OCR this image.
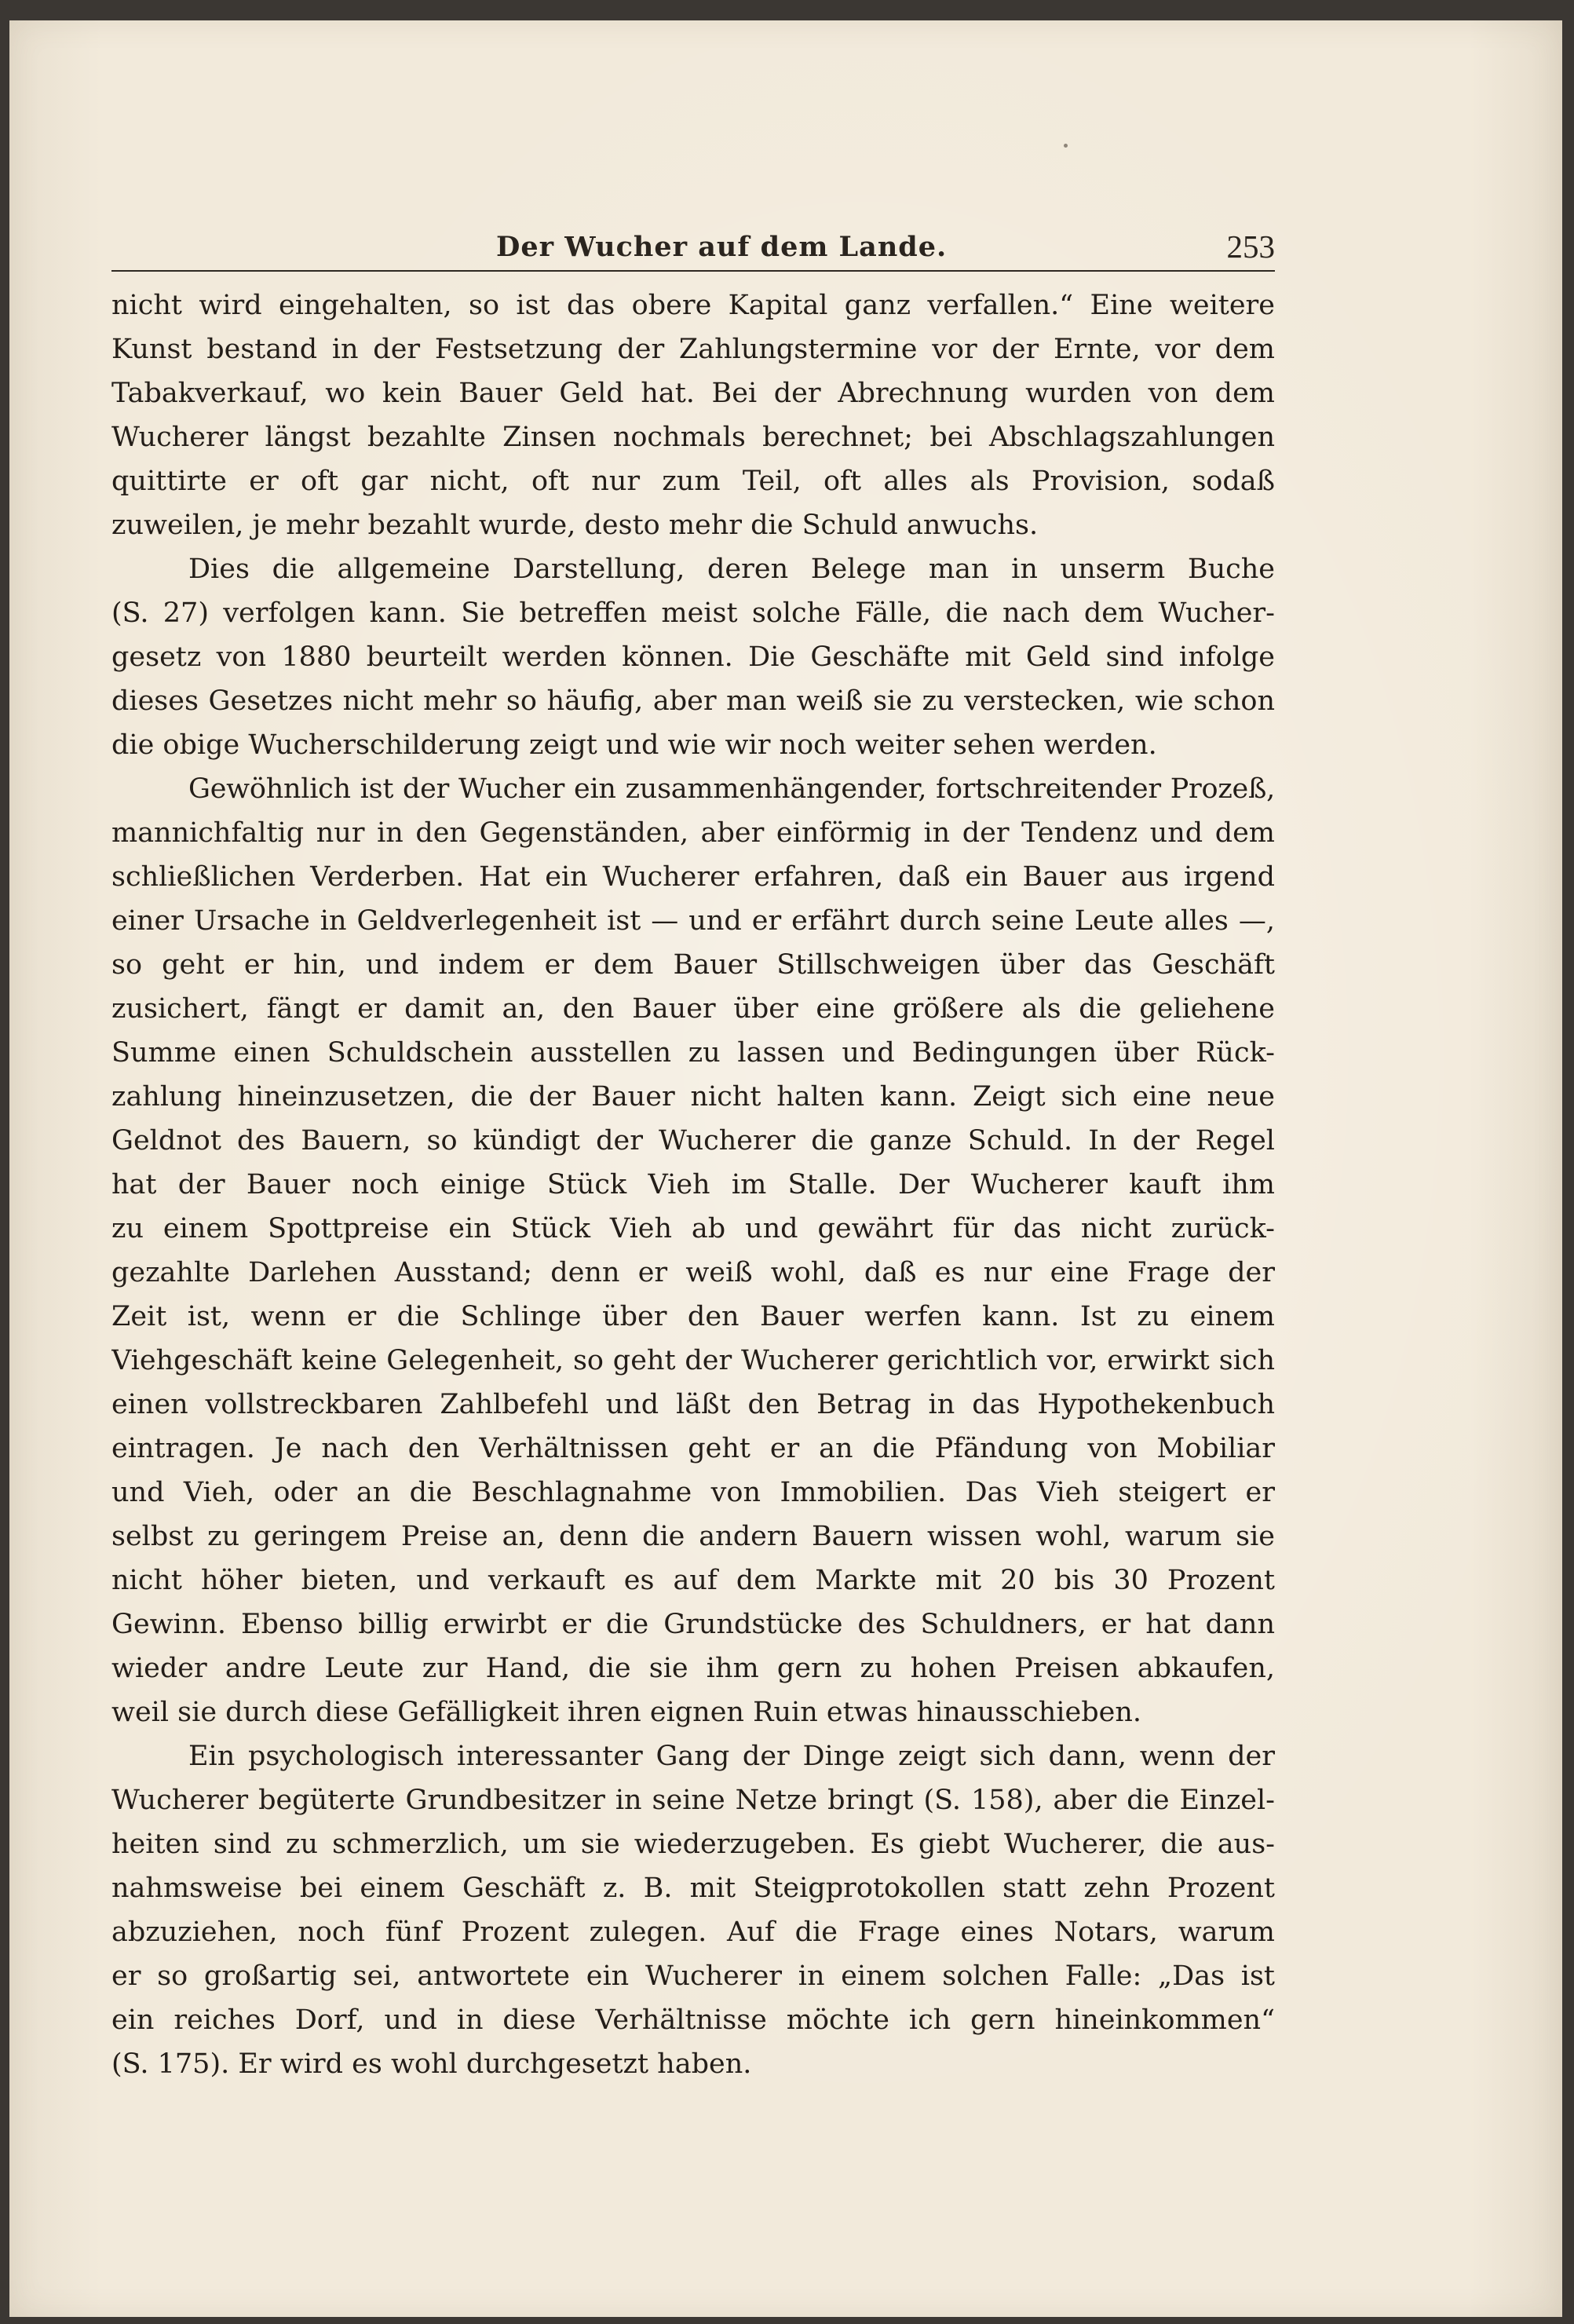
Der Wucher auf dem Lande.	253
nicht wird eingehalten, so ist das obere Kapital ganz verfallen.“ Eine weitere
Kunst bestand in der Festsetzung der Zahlungstermine vor der Ernte, vor dem
Tabakverkauf, wo kein Bauer Geld hat. Bei der Abrechnung wurden von dem
Wucherer längst bezahlte Zinsen nochmals berechnet; bei Abschlagszahlungen
quittirte er oft gar nicht, oft nur zum Teil, oft alles als Provision, sodaß
zuweilen, je mehr bezahlt wurde, desto mehr die Schuld anwuchs.
Dies die allgemeine Darstellung, deren Belege man in unserm Buche
(S. 27) verfolgen kann. Sie betreffen meist solche Fälle, die nach dem Wucher-
gesetz von 1880 beurteilt werden können. Die Geschäfte mit Geld sind infolge
dieses Gesetzes nicht mehr so häufig, aber man weiß sie zu verstecken, wie schon
die obige Wucherschilderung zeigt und wie wir noch weiter sehen werden.
Gewöhnlich ist der Wucher ein zusammenhängender, fortschreitender Prozeß,
mannichfaltig nur in den Gegenständen, aber einförmig in der Tendenz und dem
schließlichen Verderben. Hat ein Wucherer erfahren, daß ein Bauer aus irgend
einer Ursache in Geldverlegenheit ist — und er erfährt durch seine Leute alles —,
so geht er hin, und indem er dem Bauer Stillschweigen über das Geschäft
zusichert, fängt er damit an, den Bauer über eine größere als die geliehene
Summe einen Schuldschein ausstellen zu lassen und Bedingungen über Rück-
zahlung hineinzusetzen, die der Bauer nicht halten kann. Zeigt sich eine neue
Geldnot des Bauern, so kündigt der Wucherer die ganze Schuld. In der Regel
hat der Bauer noch einige Stück Vieh im Stalle. Der Wucherer kauft ihm
zu einem Spottpreise ein Stück Vieh ab und gewährt für das nicht zurück-
gezahlte Darlehen Ausstand; denn er weiß wohl, daß es nur eine Frage der
Zeit ist, wenn er die Schlinge über den Bauer werfen kann. Ist zu einem
Viehgeschäft keine Gelegenheit, so geht der Wucherer gerichtlich vor, erwirkt sich
einen vollstreckbaren Zahlbefehl und läßt den Betrag in das Hypothekenbuch
eintragen. Je nach den Verhältnissen geht er an die Pfändung von Mobiliar
und Vieh, oder an die Beschlagnahme von Immobilien. Das Vieh steigert er
selbst zu geringem Preise an, denn die andern Bauern wissen wohl, warum sie
nicht höher bieten, und verkauft es auf dem Markte mit 20 bis 30 Prozent
Gewinn. Ebenso billig erwirbt er die Grundstücke des Schuldners, er hat dann
wieder andre Leute zur Hand, die sie ihm gern zu hohen Preisen abkaufen,
weil sie durch diese Gefälligkeit ihren eignen Ruin etwas hinausschieben.
Ein psychologisch interessanter Gang der Dinge zeigt sich dann, wenn der
Wucherer begüterte Grundbesitzer in seine Netze bringt (S. 158), aber die Einzel-
heiten sind zu schmerzlich, um sie wiederzugeben. Es giebt Wucherer, die aus-
nahmsweise bei einem Geschäft z. B. mit Steigprotokollen statt zehn Prozent
abzuziehen, noch fünf Prozent zulegen. Auf die Frage eines Notars, warum
er so großartig sei, antwortete ein Wucherer in einem solchen Falle: „Das ist
ein reiches Dorf, und in diese Verhältnisse möchte ich gern hineinkommen“
(S. 175). Er wird es wohl durchgesetzt haben.
